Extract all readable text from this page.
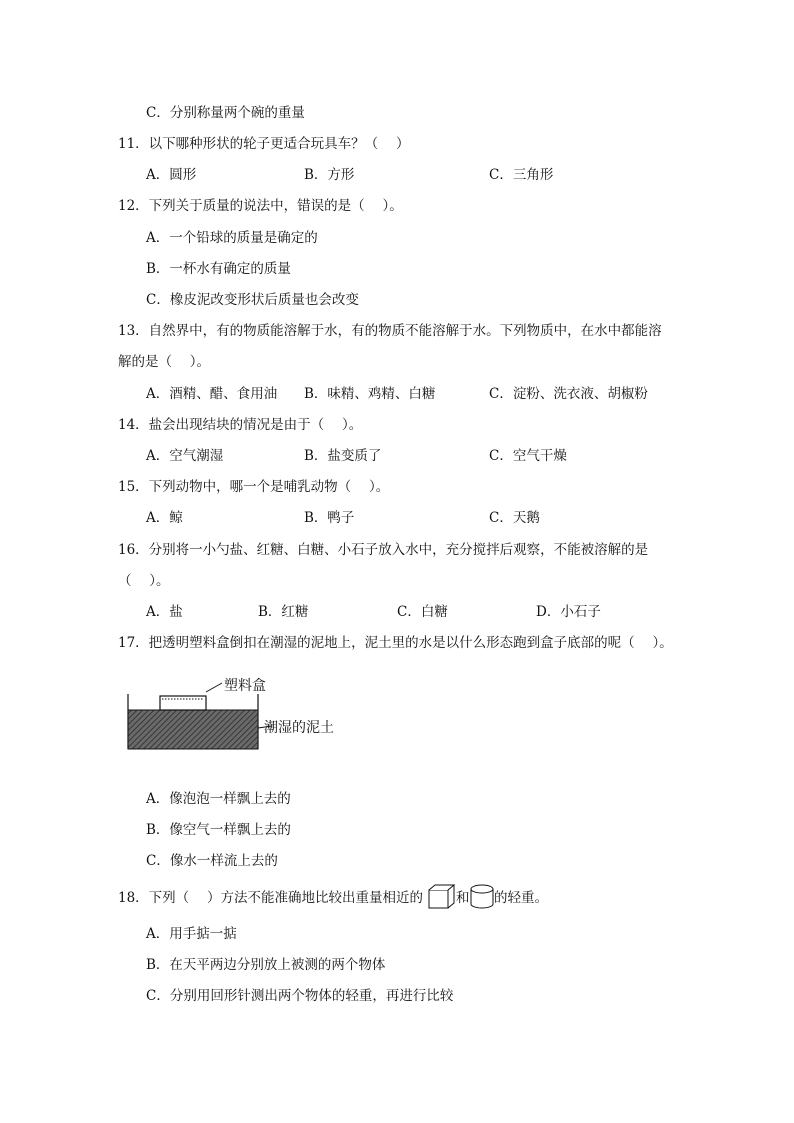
C．分别称量两个碗的重量
11．以下哪种形状的轮子更适合玩具车？（　 ）
A．圆形	B．方形	C．三角形
12．下列关于质量的说法中，错误的是（　 ）。
A．一个铅球的质量是确定的
B．一杯水有确定的质量
C．橡皮泥改变形状后质量也会改变
13．自然界中，有的物质能溶解于水，有的物质不能溶解于水。下列物质中，在水中都能溶
解的是（　 ）。
A．酒精、醋、食用油 B．味精、鸡精、白糖	C．淀粉、洗衣液、胡椒粉
14．盐会出现结块的情况是由于（　 ）。
A．空气潮湿	B．盐变质了	C．空气干燥
15．下列动物中，哪一个是哺乳动物（　 ）。
A．鲸	B．鸭子	C．天鹅
16．分别将一小勺盐、红糖、白糖、小石子放入水中，充分搅拌后观察，不能被溶解的是
（　 ）。
A．盐	B．红糖	C．白糖	D．小石子
17．把透明塑料盒倒扣在潮湿的泥地上，泥土里的水是以什么形态跑到盒子底部的呢（　 ）。
塑料盒
潮湿的泥土
A．像泡泡一样飘上去的
B．像空气一样飘上去的
C．像水一样流上去的
18．下列（　 ）方法不能准确地比较出重量相近的 和 的轻重。
A．用手掂一掂
B．在天平两边分别放上被测的两个物体
C．分别用回形针测出两个物体的轻重，再进行比较
